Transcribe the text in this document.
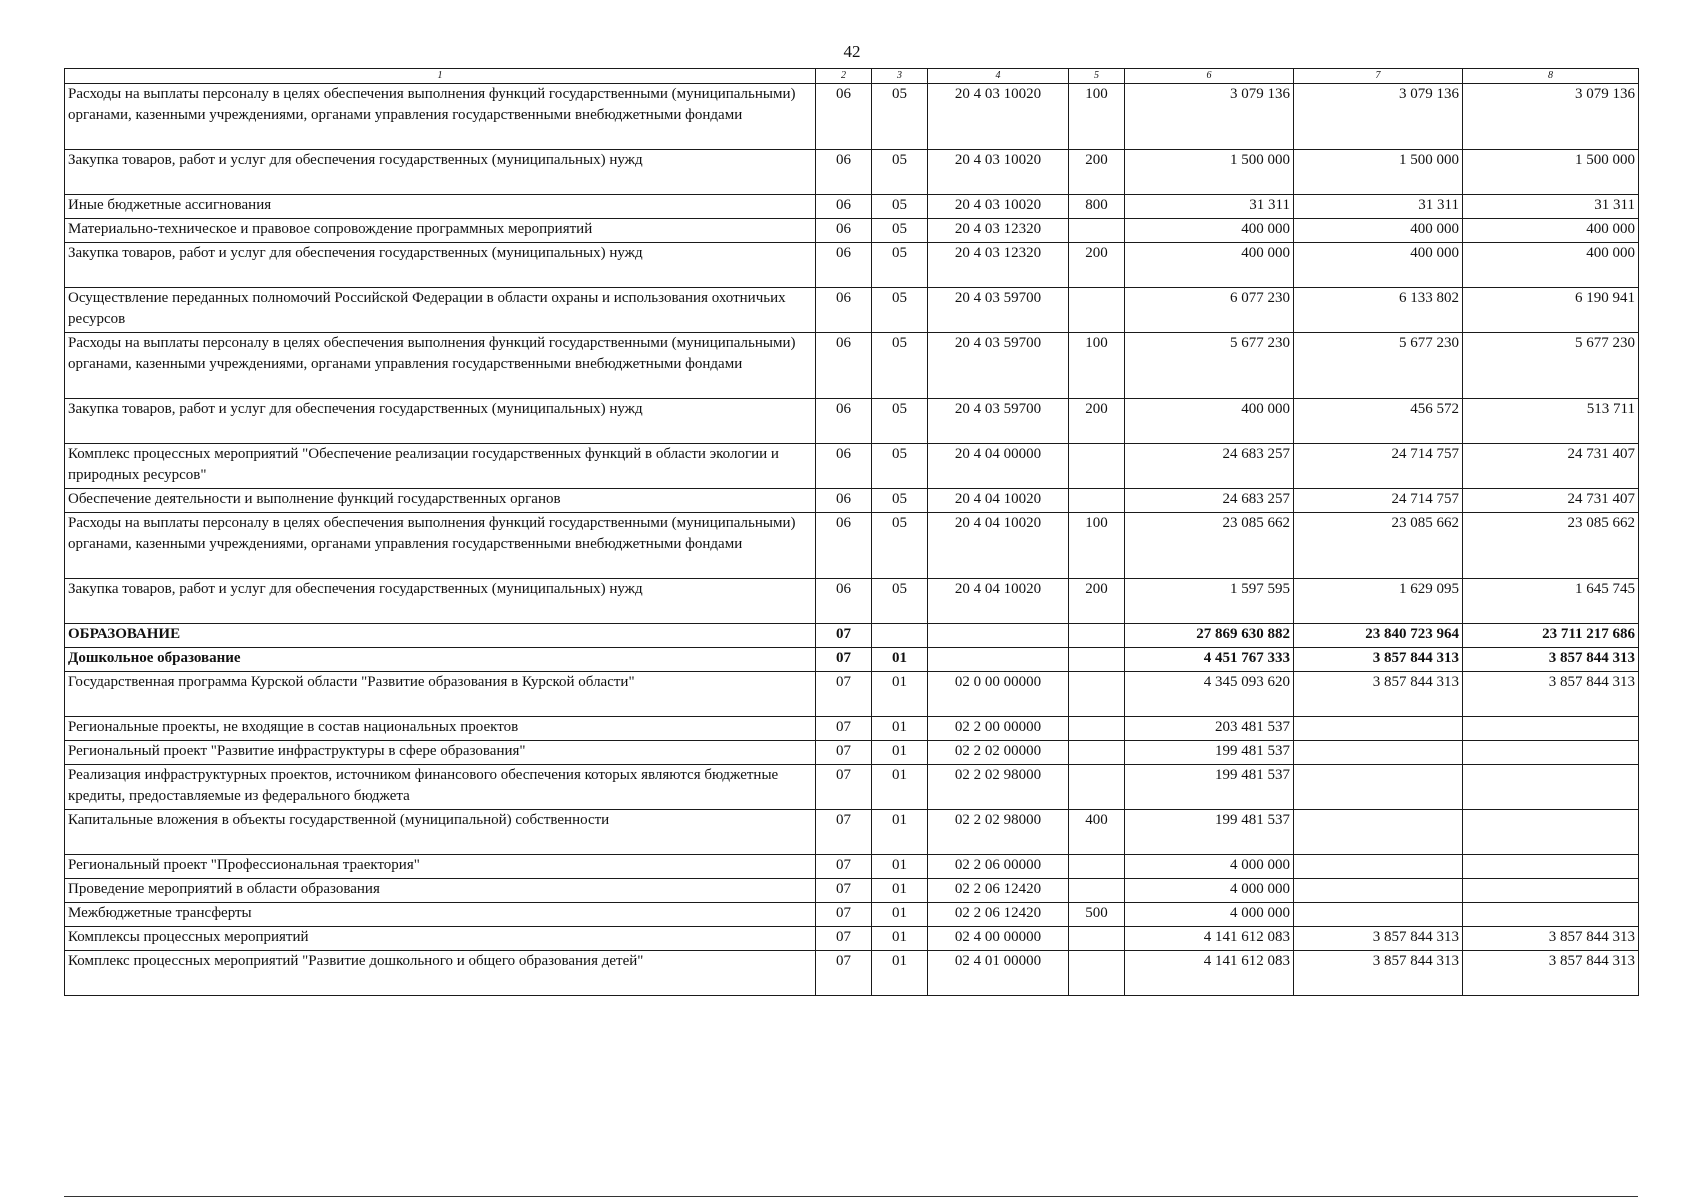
42
1	2	3	4	5	6	7	8
Расходы на выплаты персоналу в целях обеспечения выполнения функций государственными (муниципальными) органами, казенными учреждениями, органами управления государственными внебюджетными фондами	06	05	20 4 03 10020	100	3 079 136	3 079 136	3 079 136
Закупка товаров, работ и услуг для обеспечения государственных (муниципальных) нужд	06	05	20 4 03 10020	200	1 500 000	1 500 000	1 500 000
Иные бюджетные ассигнования	06	05	20 4 03 10020	800	31 311	31 311	31 311
Материально-техническое и правовое сопровождение программных мероприятий	06	05	20 4 03 12320		400 000	400 000	400 000
Закупка товаров, работ и услуг для обеспечения государственных (муниципальных) нужд	06	05	20 4 03 12320	200	400 000	400 000	400 000
Осуществление переданных полномочий Российской Федерации в области охраны и использования охотничьих ресурсов	06	05	20 4 03 59700		6 077 230	6 133 802	6 190 941
Расходы на выплаты персоналу в целях обеспечения выполнения функций государственными (муниципальными) органами, казенными учреждениями, органами управления государственными внебюджетными фондами	06	05	20 4 03 59700	100	5 677 230	5 677 230	5 677 230
Закупка товаров, работ и услуг для обеспечения государственных (муниципальных) нужд	06	05	20 4 03 59700	200	400 000	456 572	513 711
Комплекс процессных мероприятий "Обеспечение реализации государственных функций в области экологии и природных ресурсов"	06	05	20 4 04 00000		24 683 257	24 714 757	24 731 407
Обеспечение деятельности и выполнение функций государственных органов	06	05	20 4 04 10020		24 683 257	24 714 757	24 731 407
Расходы на выплаты персоналу в целях обеспечения выполнения функций государственными (муниципальными) органами, казенными учреждениями, органами управления государственными внебюджетными фондами	06	05	20 4 04 10020	100	23 085 662	23 085 662	23 085 662
Закупка товаров, работ и услуг для обеспечения государственных (муниципальных) нужд	06	05	20 4 04 10020	200	1 597 595	1 629 095	1 645 745
ОБРАЗОВАНИЕ	07				27 869 630 882	23 840 723 964	23 711 217 686
Дошкольное образование	07	01			4 451 767 333	3 857 844 313	3 857 844 313
Государственная программа Курской области "Развитие образования в Курской области"	07	01	02 0 00 00000		4 345 093 620	3 857 844 313	3 857 844 313
Региональные проекты, не входящие в состав национальных проектов	07	01	02 2 00 00000		203 481 537		
Региональный проект "Развитие инфраструктуры в сфере образования"	07	01	02 2 02 00000		199 481 537		
Реализация инфраструктурных проектов, источником финансового обеспечения которых являются бюджетные кредиты, предоставляемые из федерального бюджета	07	01	02 2 02 98000		199 481 537		
Капитальные вложения в объекты государственной (муниципальной) собственности	07	01	02 2 02 98000	400	199 481 537		
Региональный проект "Профессиональная траектория"	07	01	02 2 06 00000		4 000 000		
Проведение мероприятий в области образования	07	01	02 2 06 12420		4 000 000		
Межбюджетные трансферты	07	01	02 2 06 12420	500	4 000 000		
Комплексы процессных мероприятий	07	01	02 4 00 00000		4 141 612 083	3 857 844 313	3 857 844 313
Комплекс процессных мероприятий "Развитие дошкольного и общего образования детей"	07	01	02 4 01 00000		4 141 612 083	3 857 844 313	3 857 844 313
